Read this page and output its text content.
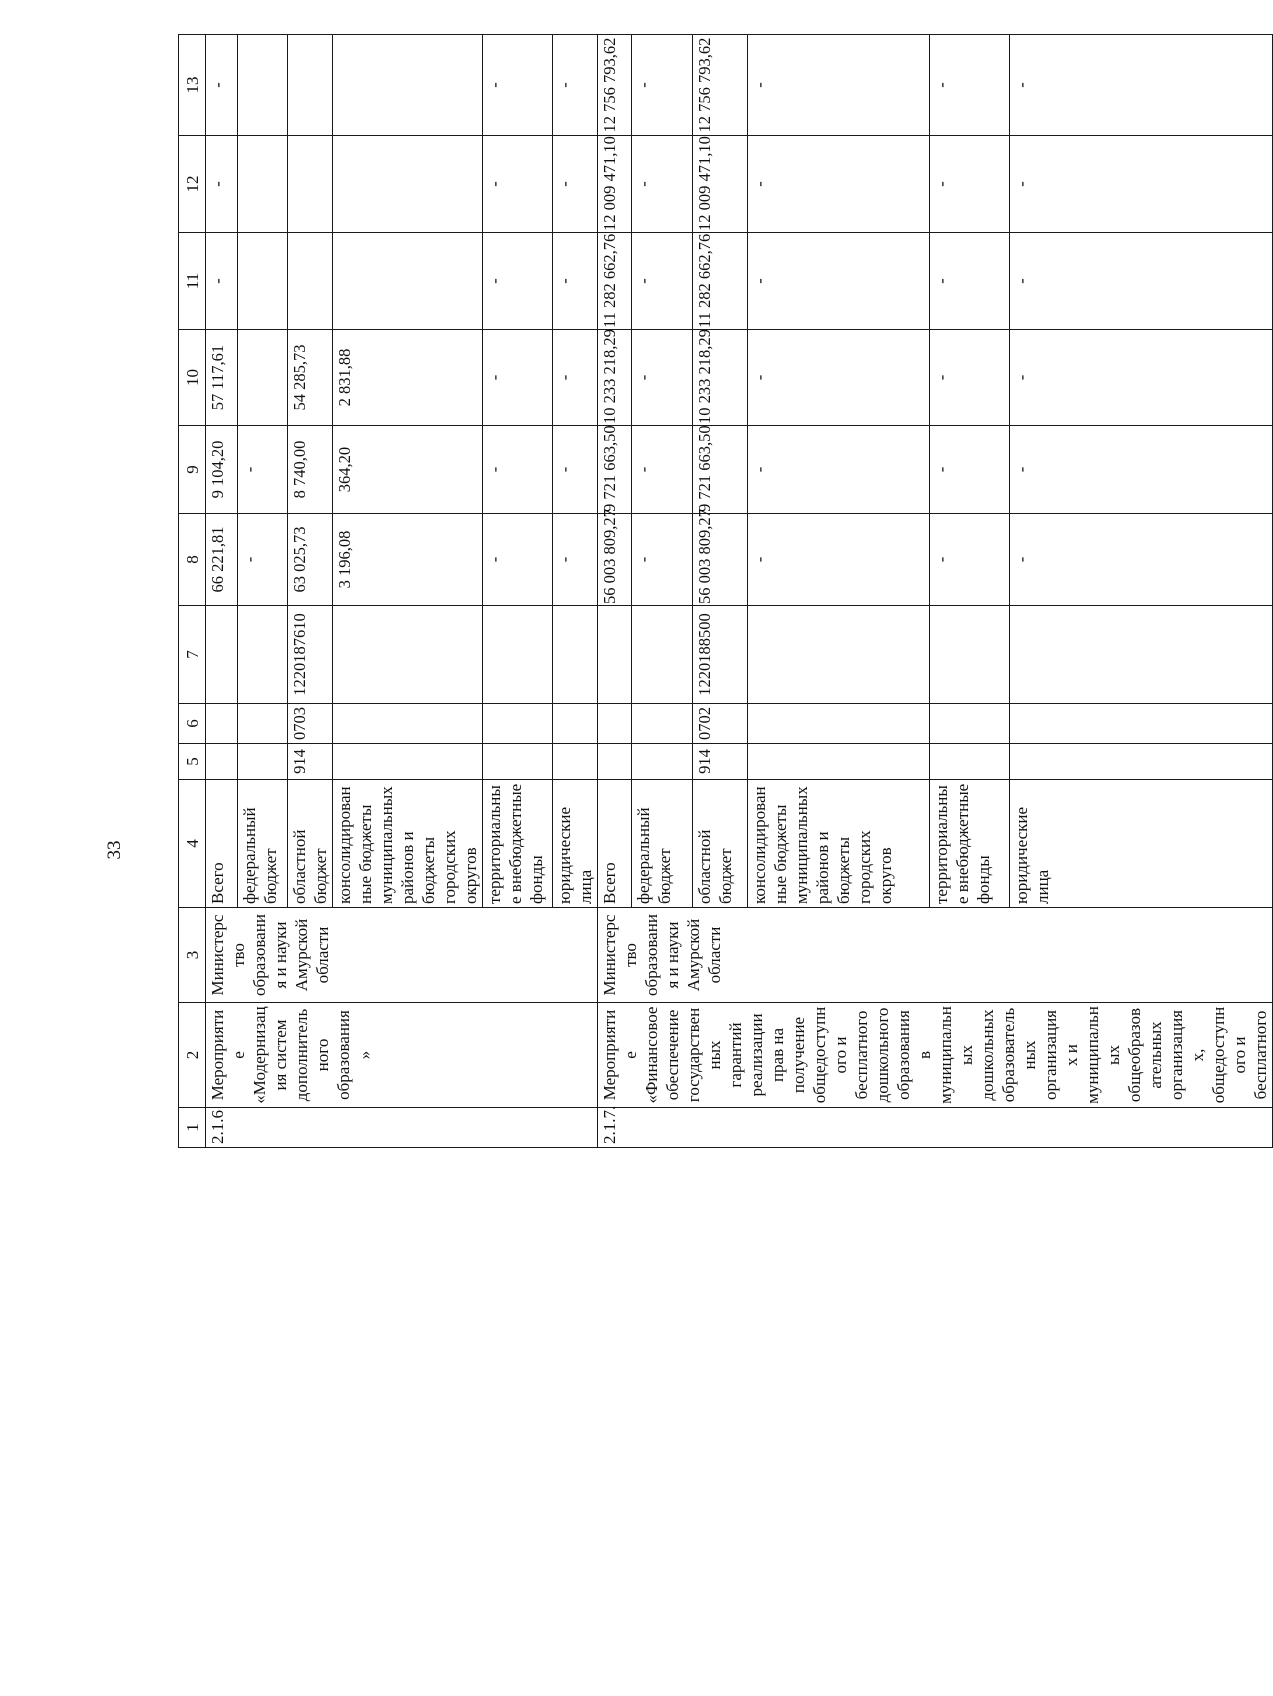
33
1	2	3	4	5	6	7	8	9	10	11	12	13
2.1.6	Мероприятие «Модернизация систем дополнительного образования»	Министерство образования и науки Амурской области	Всего				66 221,81	9 104,20	57 117,61	-	-	-
			федеральный бюджет				-	-				
			областной бюджет	914	0703	1220187610	63 025,73	8 740,00	54 285,73			
			консолидированные бюджеты муниципальных районов и бюджеты городских округов				3 196,08	364,20	2 831,88			
			территориальные внебюджетные фонды				-	-	-	-	-	-
			юридические лица				-	-	-	-	-	-
2.1.7.	Мероприятие «Финансовое обеспечение государственных гарантий реализации прав на получение общедоступного и бесплатного дошкольного образования в муниципальных дошкольных образовательных организациях и муниципальных общеобразовательных организациях, общедоступного и бесплатного	Министерство образования и науки Амурской области	Всего				56 003 809,27	9 721 663,50	10 233 218,29	11 282 662,76	12 009 471,10	12 756 793,62
			федеральный бюджет				-	-	-	-	-	-
			областной бюджет	914	0702	1220188500	56 003 809,27	9 721 663,50	10 233 218,29	11 282 662,76	12 009 471,10	12 756 793,62
			консолидированные бюджеты муниципальных районов и бюджеты городских округов				-	-	-	-	-	-
			территориальные внебюджетные фонды				-	-	-	-	-	-
			юридические лица				-	-	-	-	-	-
